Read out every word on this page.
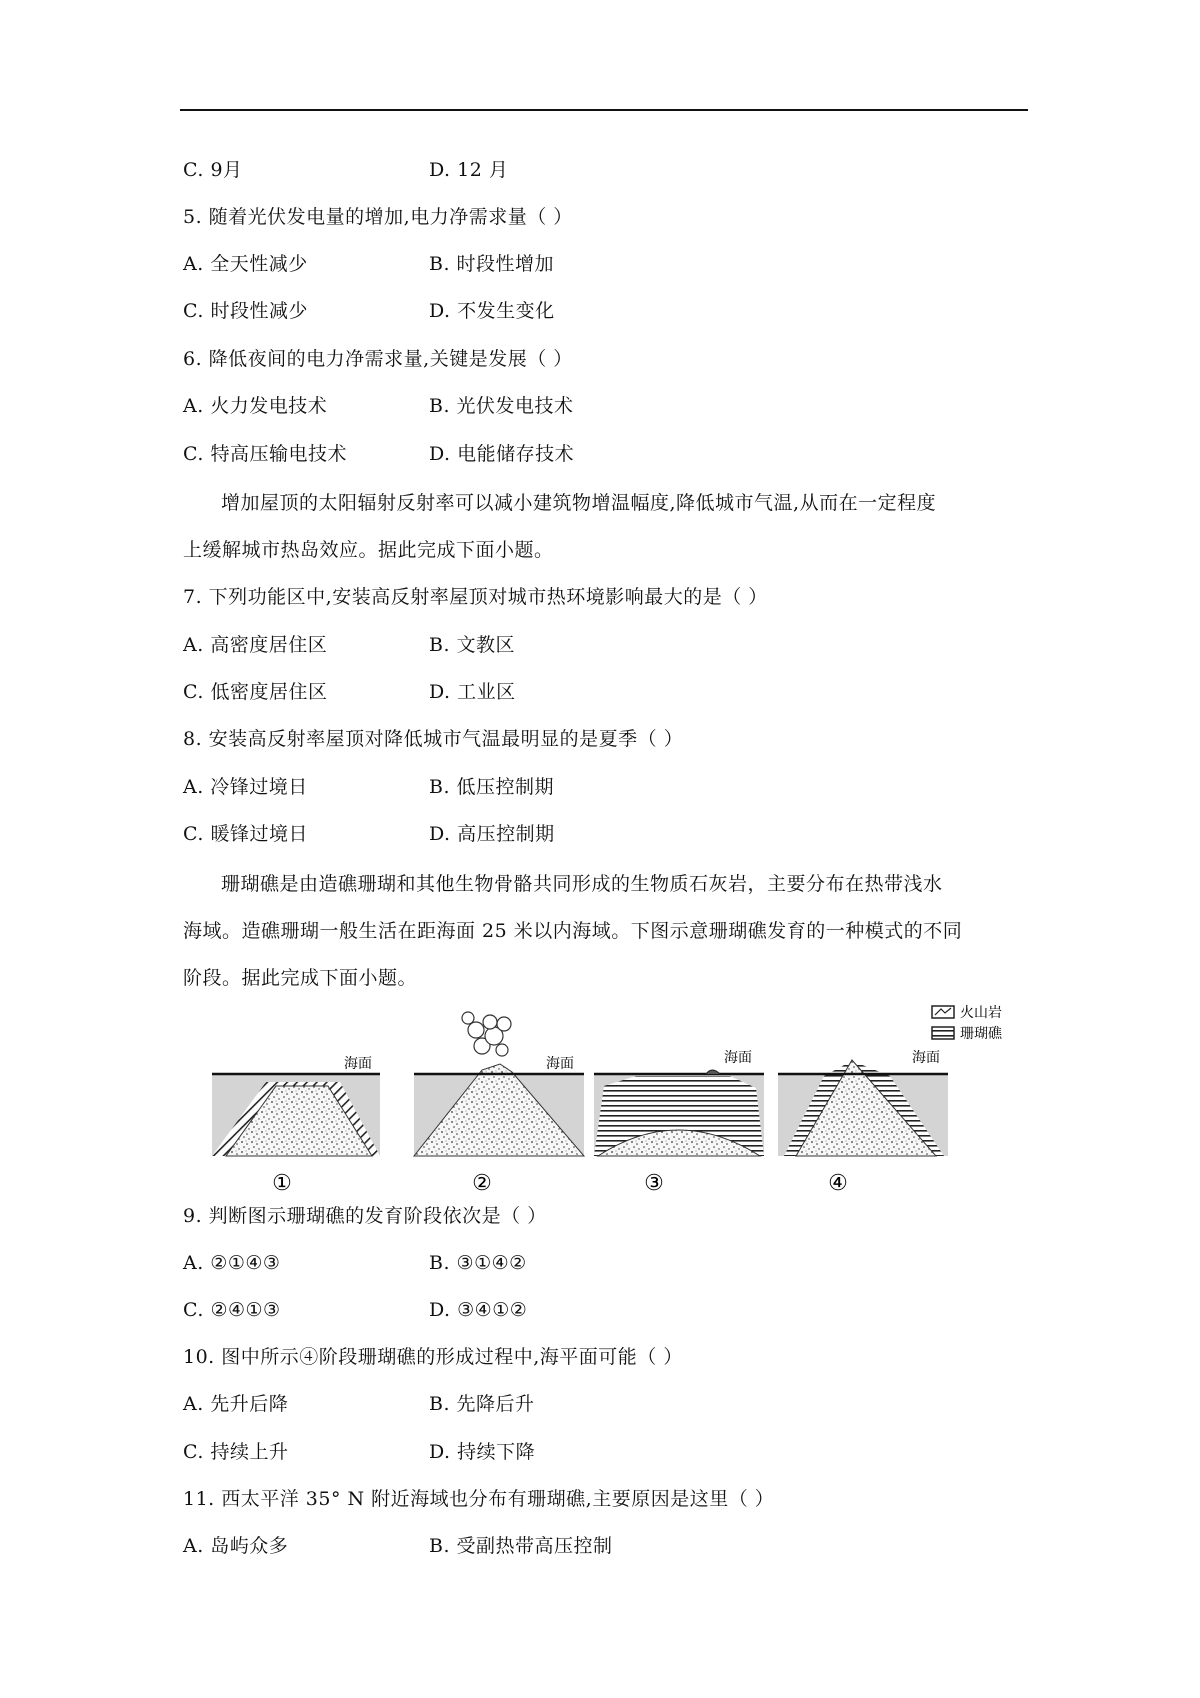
C. 9月	D. 12 月
5. 随着光伏发电量的增加,电力净需求量（ ）
A. 全天性减少	B. 时段性增加
C. 时段性减少	D. 不发生变化
6. 降低夜间的电力净需求量,关键是发展（ ）
A. 火力发电技术	B. 光伏发电技术
C. 特高压输电技术	D. 电能储存技术
增加屋顶的太阳辐射反射率可以减小建筑物增温幅度,降低城市气温,从而在一定程度
上缓解城市热岛效应。据此完成下面小题。
7. 下列功能区中,安装高反射率屋顶对城市热环境影响最大的是（ ）
A. 高密度居住区	B. 文教区
C. 低密度居住区	D. 工业区
8. 安装高反射率屋顶对降低城市气温最明显的是夏季（ ）
A. 冷锋过境日	B. 低压控制期
C. 暖锋过境日	D. 高压控制期
珊瑚礁是由造礁珊瑚和其他生物骨骼共同形成的生物质石灰岩，主要分布在热带浅水
海域。造礁珊瑚一般生活在距海面 25 米以内海域。下图示意珊瑚礁发育的一种模式的不同
阶段。据此完成下面小题。
火山岩
珊瑚礁
海面	海面	海面	海面
①	②	③	④
9. 判断图示珊瑚礁的发育阶段依次是（ ）
A. ②①④③	B. ③①④②
C. ②④①③	D. ③④①②
10. 图中所示④阶段珊瑚礁的形成过程中,海平面可能（ ）
A. 先升后降	B. 先降后升
C. 持续上升	D. 持续下降
11. 西太平洋 35° N 附近海域也分布有珊瑚礁,主要原因是这里（ ）
A. 岛屿众多	B. 受副热带高压控制
